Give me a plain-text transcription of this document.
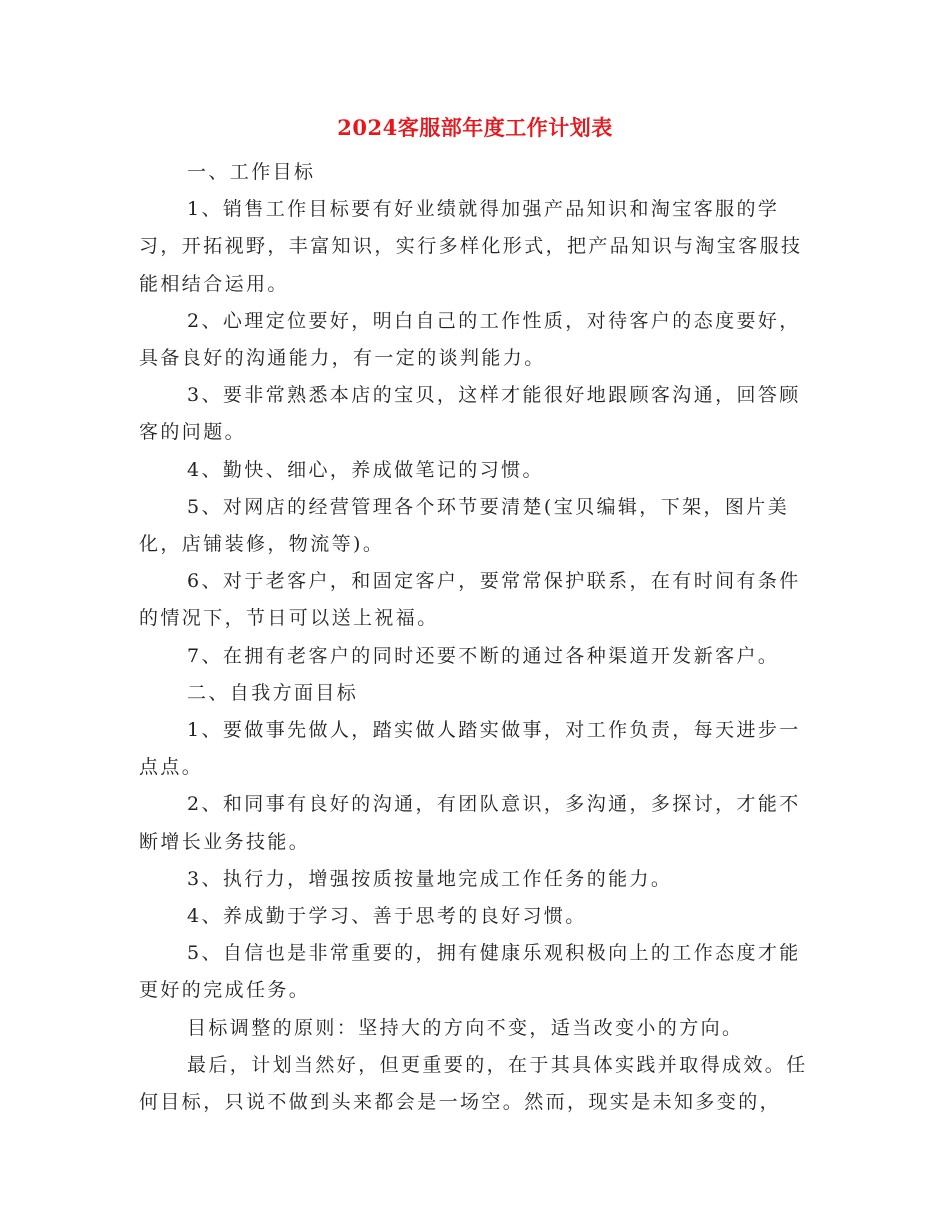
2024客服部年度工作计划表

一、工作目标

1、销售工作目标要有好业绩就得加强产品知识和淘宝客服的学习，开拓视野，丰富知识，实行多样化形式，把产品知识与淘宝客服技能相结合运用。

2、心理定位要好，明白自己的工作性质，对待客户的态度要好，具备良好的沟通能力，有一定的谈判能力。

3、要非常熟悉本店的宝贝，这样才能很好地跟顾客沟通，回答顾客的问题。

4、勤快、细心，养成做笔记的习惯。

5、对网店的经营管理各个环节要清楚(宝贝编辑，下架，图片美化，店铺装修，物流等)。

6、对于老客户，和固定客户，要常常保护联系，在有时间有条件的情况下，节日可以送上祝福。

7、在拥有老客户的同时还要不断的通过各种渠道开发新客户。

二、自我方面目标

1、要做事先做人，踏实做人踏实做事，对工作负责，每天进步一点点。

2、和同事有良好的沟通，有团队意识，多沟通，多探讨，才能不断增长业务技能。

3、执行力，增强按质按量地完成工作任务的能力。

4、养成勤于学习、善于思考的良好习惯。

5、自信也是非常重要的，拥有健康乐观积极向上的工作态度才能更好的完成任务。

目标调整的原则：坚持大的方向不变，适当改变小的方向。

最后，计划当然好，但更重要的，在于其具体实践并取得成效。任何目标，只说不做到头来都会是一场空。然而，现实是未知多变的，
